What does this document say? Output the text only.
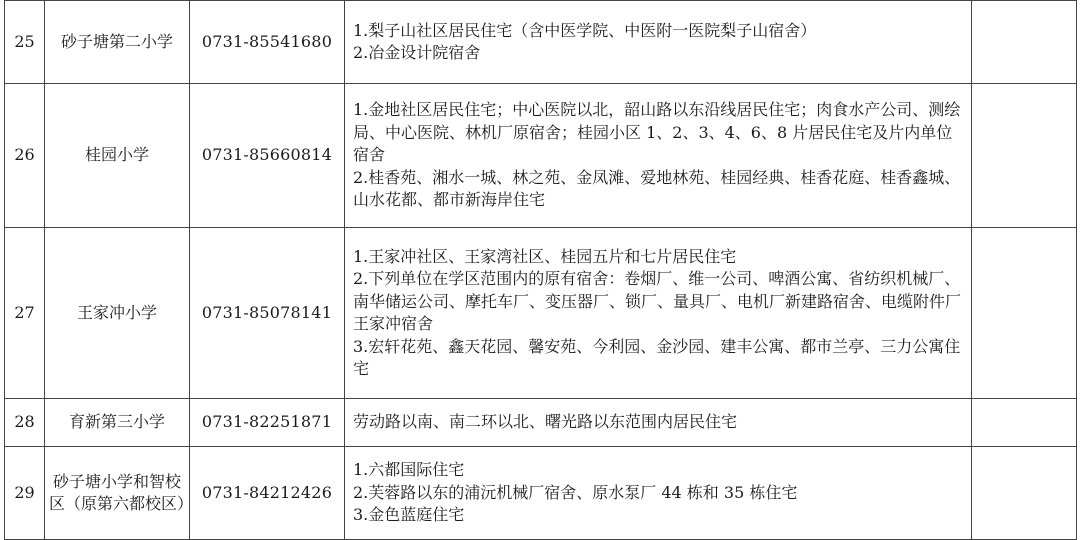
25	砂子塘第二小学	0731-85541680	1.梨子山社区居民住宅（含中医学院、中医附一医院梨子山宿舍）
2.冶金设计院宿舍	

26	桂园小学	0731-85660814	1.金地社区居民住宅；中心医院以北，韶山路以东沿线居民住宅；肉食水产公司、测绘局、中心医院、林机厂原宿舍；桂园小区 1、2、3、4、6、8 片居民住宅及片内单位宿舍
2.桂香苑、湘水一城、林之苑、金凤滩、爱地林苑、桂园经典、桂香花庭、桂香鑫城、山水花都、都市新海岸住宅	

27	王家冲小学	0731-85078141	1.王家冲社区、王家湾社区、桂园五片和七片居民住宅
2.下列单位在学区范围内的原有宿舍：卷烟厂、维一公司、啤酒公寓、省纺织机械厂、南华储运公司、摩托车厂、变压器厂、锁厂、量具厂、电机厂新建路宿舍、电缆附件厂王家冲宿舍
3.宏轩花苑、鑫天花园、馨安苑、今利园、金沙园、建丰公寓、都市兰亭、三力公寓住宅	

28	育新第三小学	0731-82251871	劳动路以南、南二环以北、曙光路以东范围内居民住宅	

29	砂子塘小学和智校区（原第六都校区）	0731-84212426	1.六都国际住宅
2.芙蓉路以东的浦沅机械厂宿舍、原水泵厂 44 栋和 35 栋住宅
3.金色蓝庭住宅	
